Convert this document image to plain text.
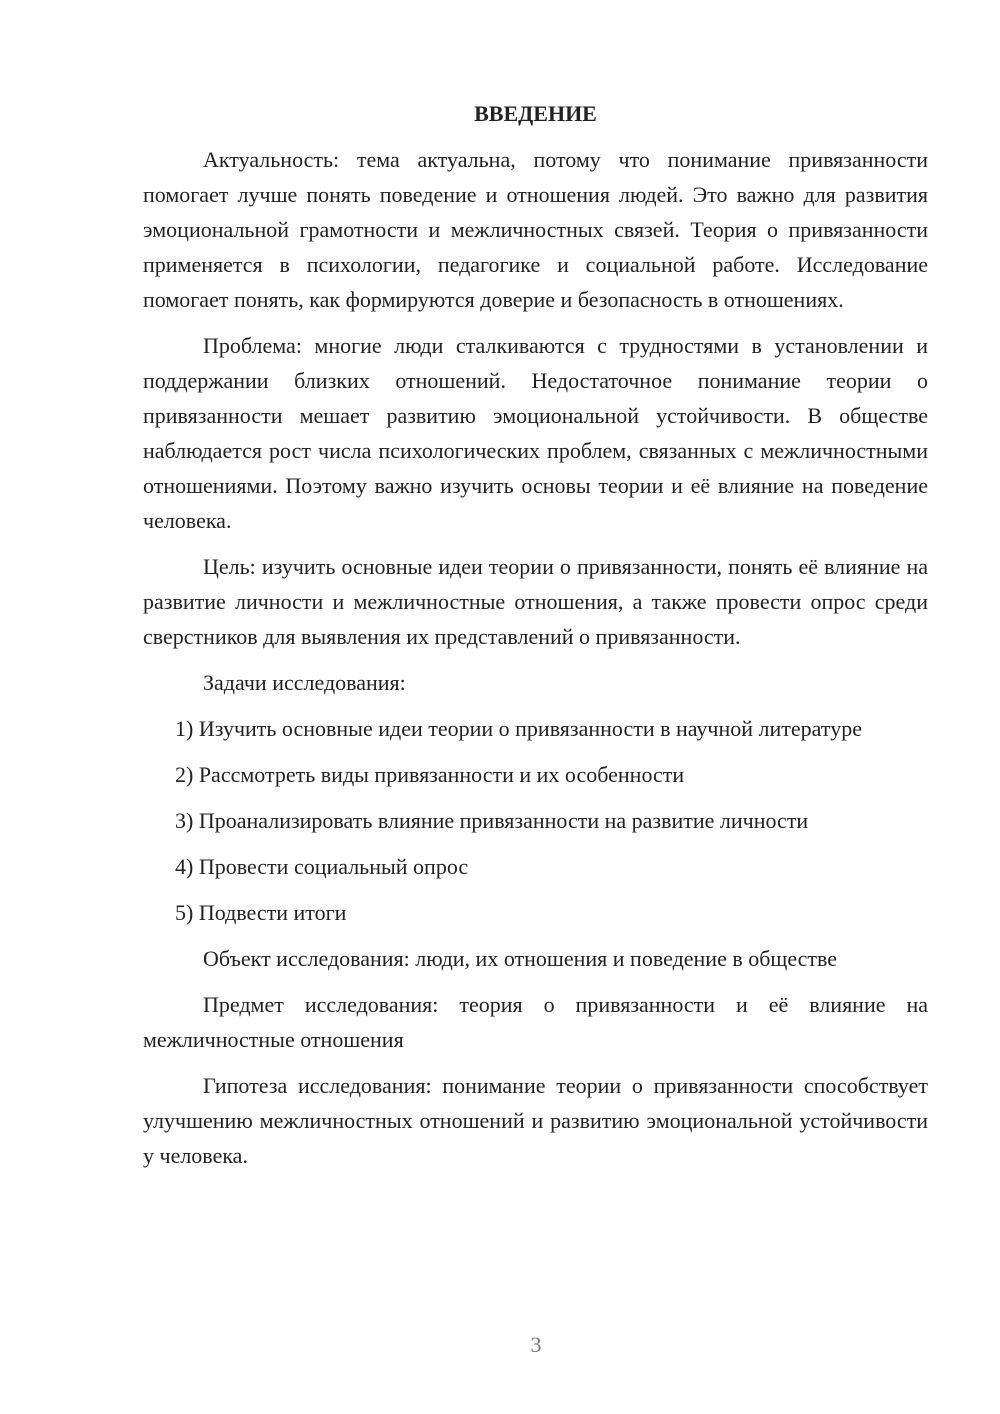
ВВЕДЕНИЕ

Актуальность: тема актуальна, потому что понимание привязанности помогает лучше понять поведение и отношения людей. Это важно для развития эмоциональной грамотности и межличностных связей. Теория о привязанности применяется в психологии, педагогике и социальной работе. Исследование помогает понять, как формируются доверие и безопасность в отношениях.

Проблема: многие люди сталкиваются с трудностями в установлении и поддержании близких отношений. Недостаточное понимание теории о привязанности мешает развитию эмоциональной устойчивости. В обществе наблюдается рост числа психологических проблем, связанных с межличностными отношениями. Поэтому важно изучить основы теории и её влияние на поведение человека.

Цель: изучить основные идеи теории о привязанности, понять её влияние на развитие личности и межличностные отношения, а также провести опрос среди сверстников для выявления их представлений о привязанности.

Задачи исследования:

1) Изучить основные идеи теории о привязанности в научной литературе

2) Рассмотреть виды привязанности и их особенности

3) Проанализировать влияние привязанности на развитие личности

4) Провести социальный опрос

5) Подвести итоги

Объект исследования: люди, их отношения и поведение в обществе

Предмет исследования: теория о привязанности и её влияние на межличностные отношения

Гипотеза исследования: понимание теории о привязанности способствует улучшению межличностных отношений и развитию эмоциональной устойчивости у человека.

3
